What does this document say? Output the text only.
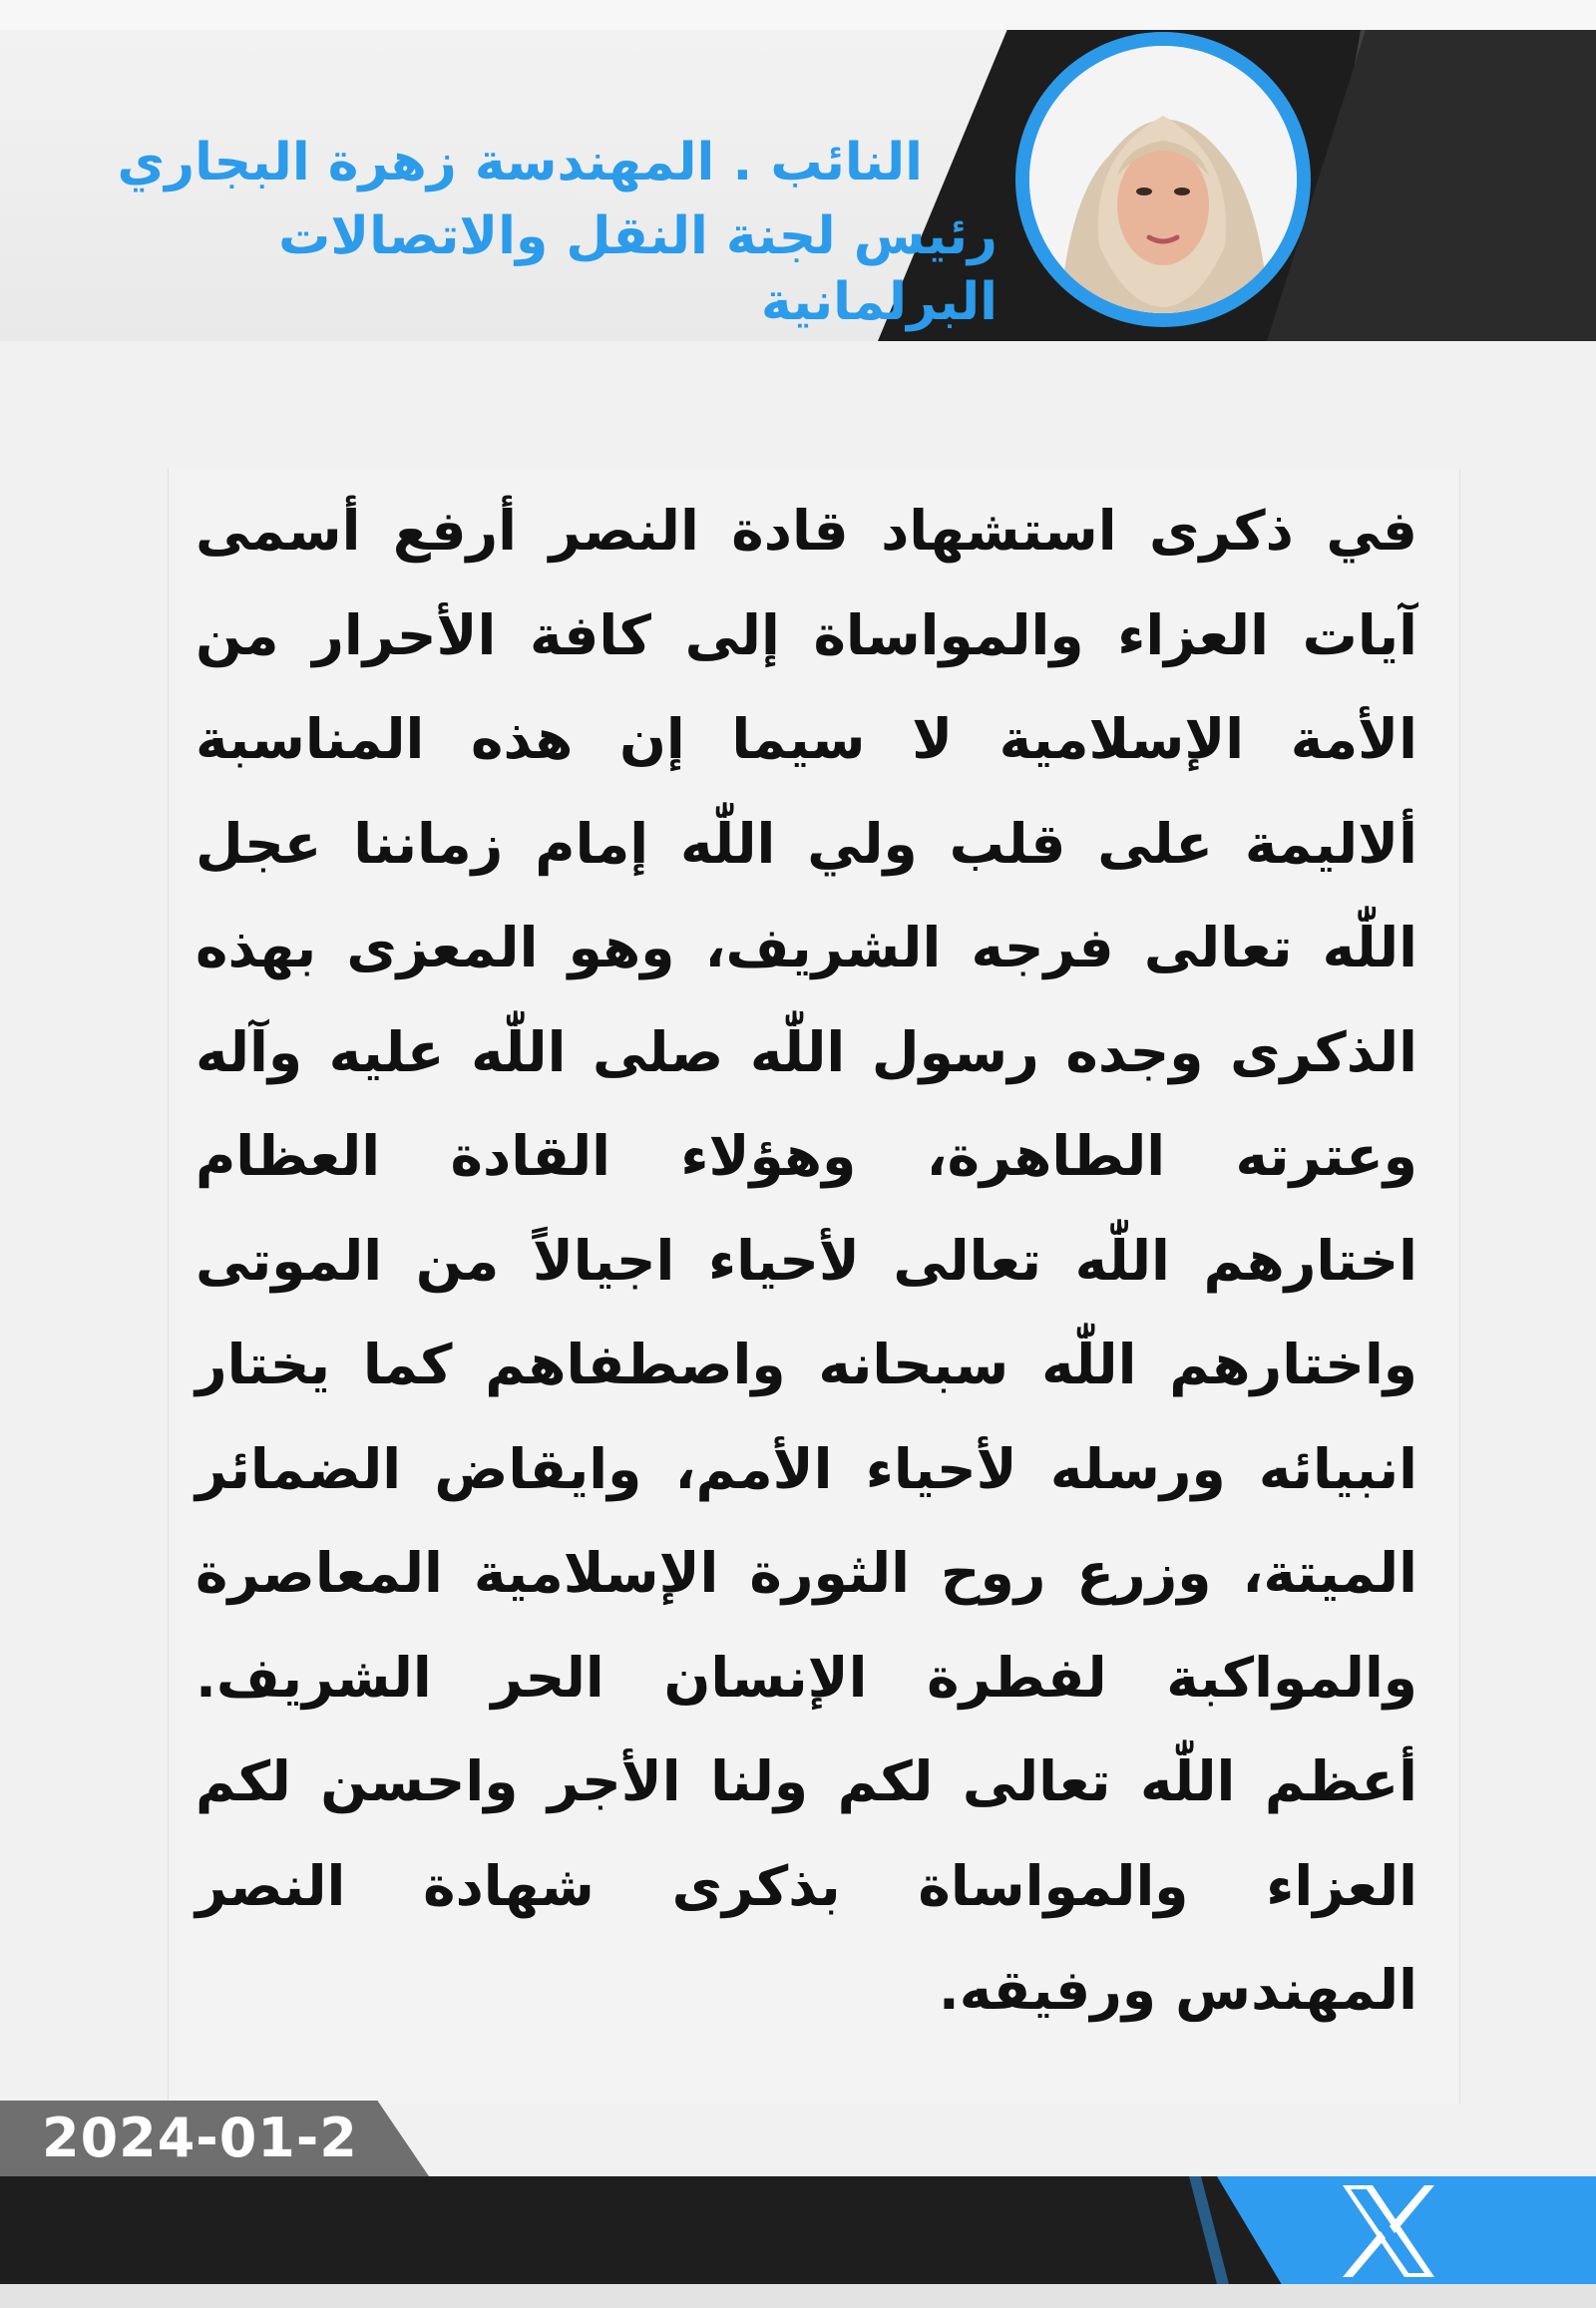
النائب . المهندسة زهرة البجاري
رئيس لجنة النقل والاتصالات البرلمانية
في ذكرى استشهاد قادة النصر أرفع أسمى آيات العزاء والمواساة إلى كافة الأحرار من الأمة الإسلامية لا سيما إن هذه المناسبة ألاليمة على قلب ولي اللّٰه إمام زماننا عجل اللّٰه تعالى فرجه الشريف، وهو المعزى بهذه الذكرى وجده رسول اللّٰه صلى اللّٰه عليه وآله وعترته الطاهرة، وهؤلاء القادة العظام اختارهم اللّٰه تعالى لأحياء اجيالاً من الموتى واختارهم اللّٰه سبحانه واصطفاهم كما يختار انبيائه ورسله لأحياء الأمم، وايقاض الضمائر الميتة، وزرع روح الثورة الإسلامية المعاصرة والمواكبة لفطرة الإنسان الحر الشريف. أعظم اللّٰه تعالى لكم ولنا الأجر واحسن لكم العزاء والمواساة بذكرى شهادة النصر المهندس ورفيقه.
2024-01-2
